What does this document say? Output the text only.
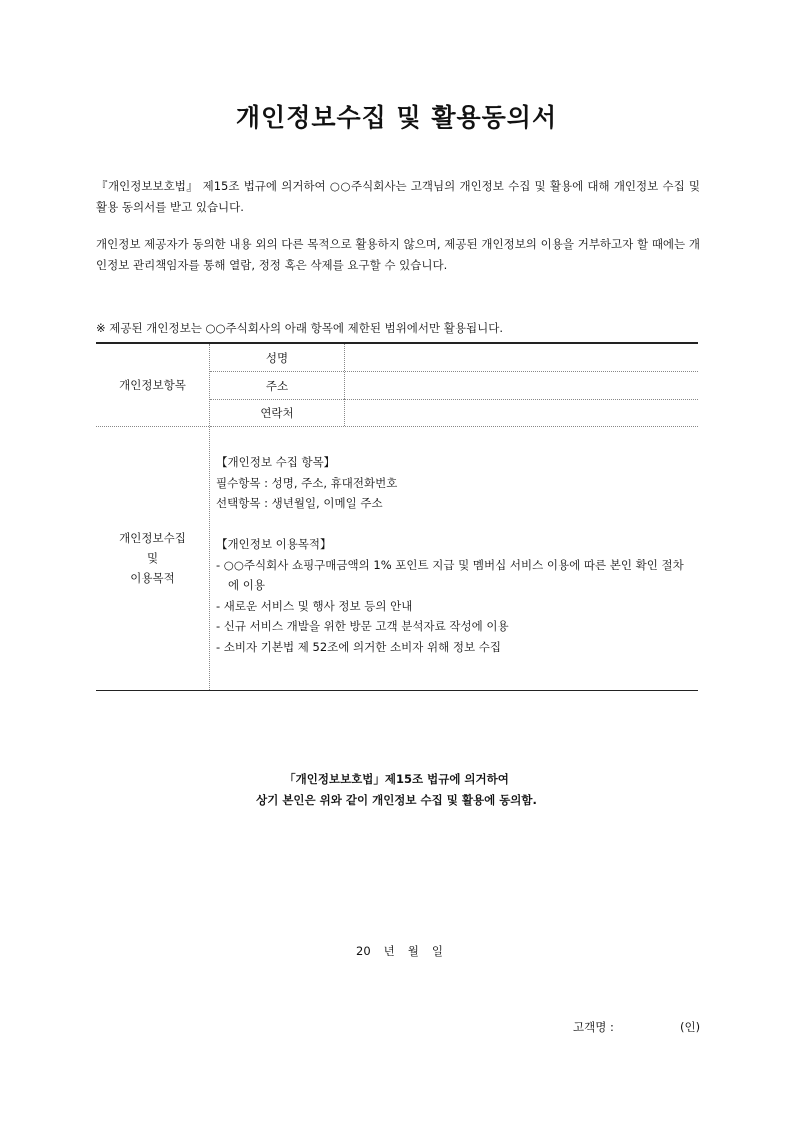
개인정보수집 및 활용동의서
『개인정보보호법』 제15조 법규에 의거하여 ○○주식회사는 고객님의 개인정보 수집 및 활용에 대해 개인정보 수집 및 활용 동의서를 받고 있습니다.
개인정보 제공자가 동의한 내용 외의 다른 목적으로 활용하지 않으며, 제공된 개인정보의 이용을 거부하고자 할 때에는 개인정보 관리책임자를 통해 열람, 정정 혹은 삭제를 요구할 수 있습니다.
※ 제공된 개인정보는 ○○주식회사의 아래 항목에 제한된 범위에서만 활용됩니다.
개인정보항목
성명
주소
연락처
개인정보수집
및
이용목적

【개인정보 수집 항목】

필수항목 : 성명, 주소, 휴대전화번호

선택항목 : 생년월일, 이메일 주소

【개인정보 이용목적】

- ○○주식회사 쇼핑구매금액의 1% 포인트 지급 및 멤버십 서비스 이용에 따른 본인 확인 절차에 이용

- 새로운 서비스 및 행사 정보 등의 안내

- 신규 서비스 개발을 위한 방문 고객 분석자료 작성에 이용

- 소비자 기본법 제 52조에 의거한 소비자 위해 정보 수집

「개인정보보호법」제15조 법규에 의거하여
상기 본인은 위와 같이 개인정보 수집 및 활용에 동의함.
20 년 월 일
고객명 :	(인)
